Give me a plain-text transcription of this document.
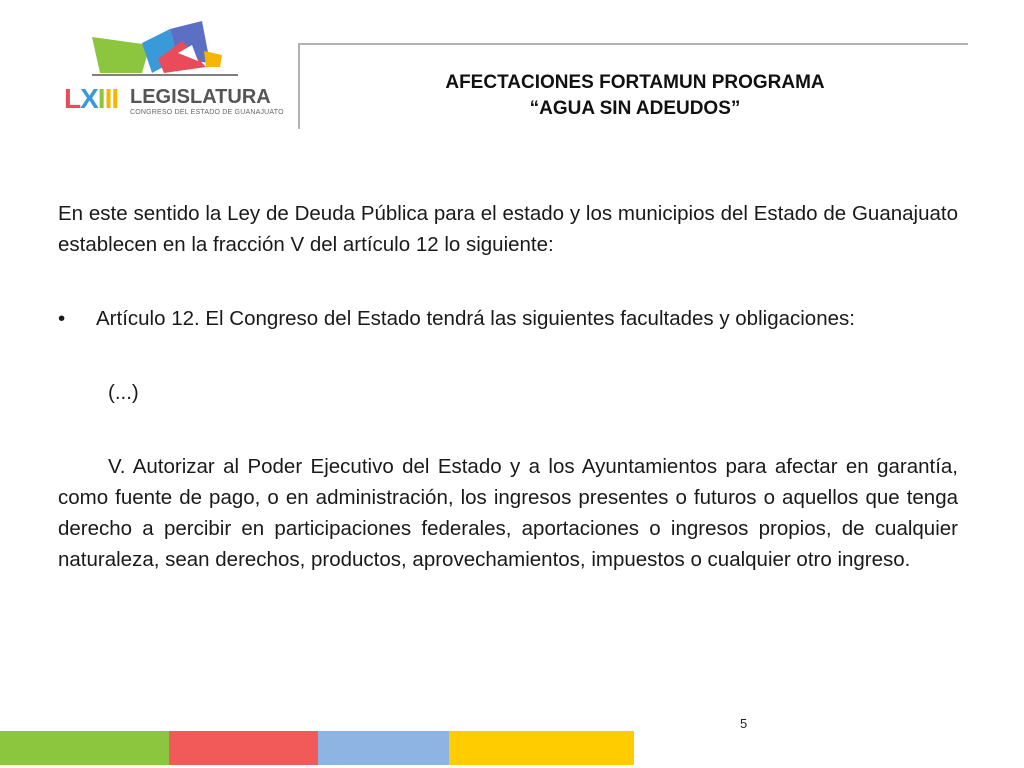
LXIII LEGISLATURA
CONGRESO DEL ESTADO DE GUANAJUATO
AFECTACIONES FORTAMUN PROGRAMA
“AGUA SIN ADEUDOS”

En este sentido la Ley de Deuda Pública para el estado y los municipios del Estado de Guanajuato establecen en la fracción V del artículo 12 lo siguiente:

• Artículo 12. El Congreso del Estado tendrá las siguientes facultades y obligaciones:
(...)

V. Autorizar al Poder Ejecutivo del Estado y a los Ayuntamientos para afectar en garantía, como fuente de pago, o en administración, los ingresos presentes o futuros o aquellos que tenga derecho a percibir en participaciones federales, aportaciones o ingresos propios, de cualquier naturaleza, sean derechos, productos, aprovechamientos, impuestos o cualquier otro ingreso.

5
